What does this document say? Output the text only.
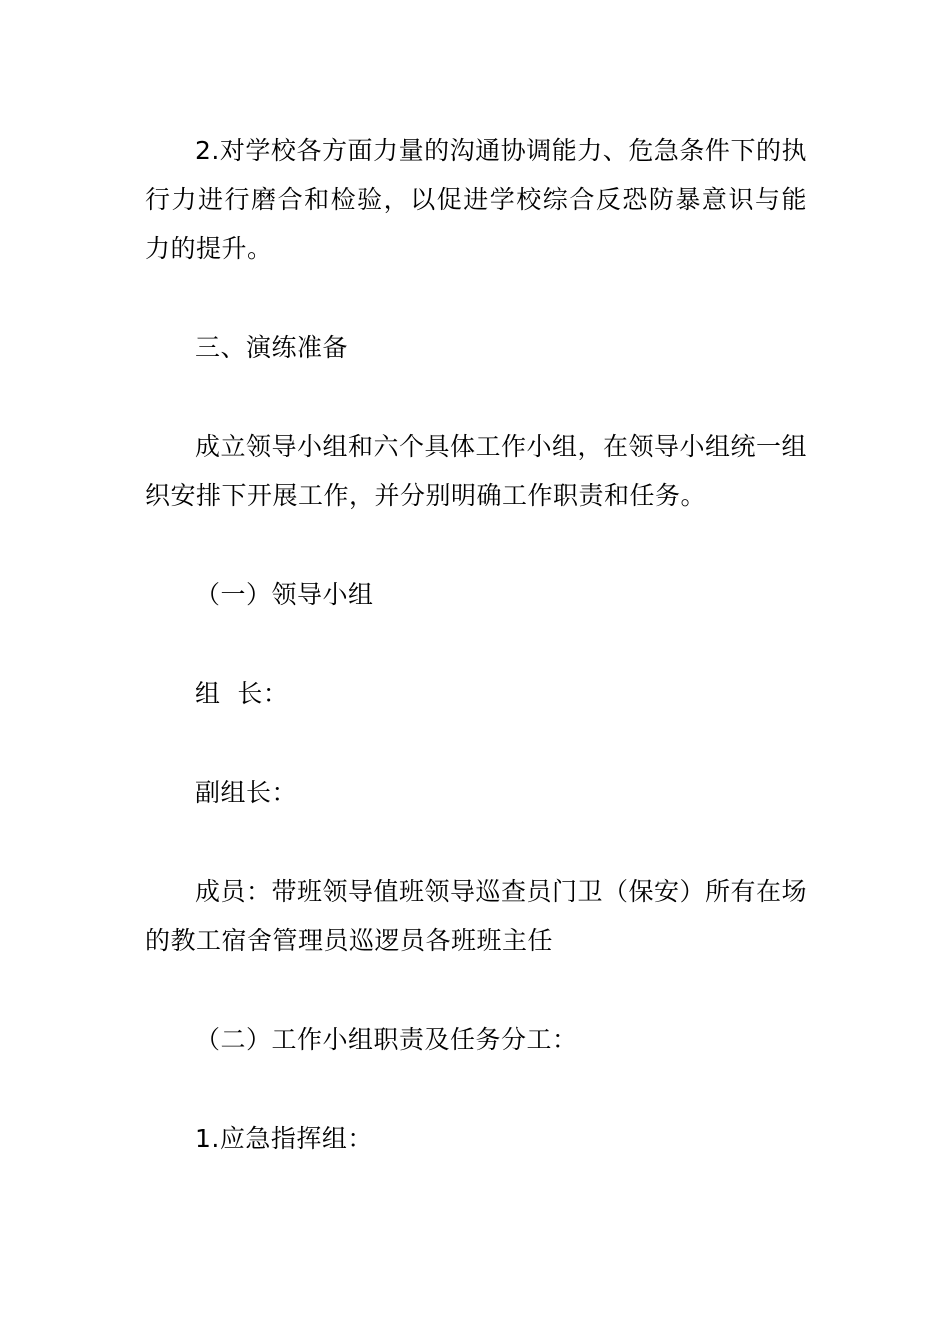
2.对学校各方面力量的沟通协调能力、危急条件下的执行力进行磨合和检验，以促进学校综合反恐防暴意识与能力的提升。

三、演练准备

成立领导小组和六个具体工作小组，在领导小组统一组织安排下开展工作，并分别明确工作职责和任务。

（一）领导小组

组  长：

副组长：

成员：带班领导值班领导巡查员门卫（保安）所有在场的教工宿舍管理员巡逻员各班班主任

（二）工作小组职责及任务分工：

1.应急指挥组：
